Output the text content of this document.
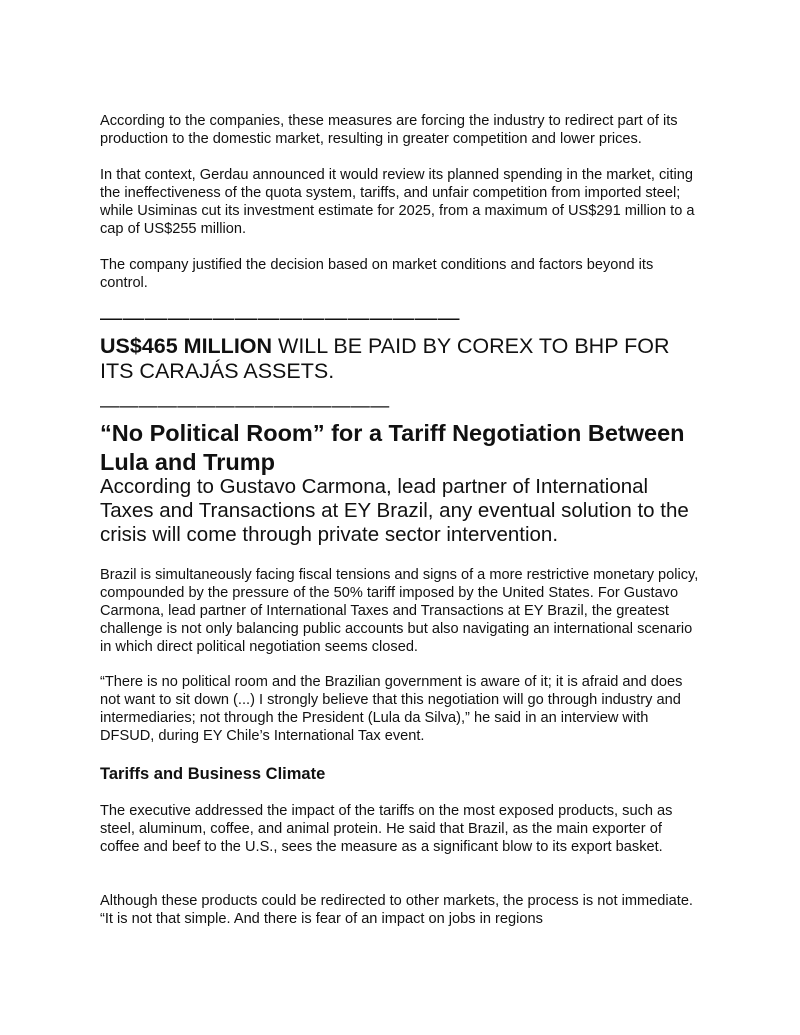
According to the companies, these measures are forcing the industry to redirect part of its production to the domestic market, resulting in greater competition and lower prices.

In that context, Gerdau announced it would review its planned spending in the market, citing the ineffectiveness of the quota system, tariffs, and unfair competition from imported steel; while Usiminas cut its investment estimate for 2025, from a maximum of US$291 million to a cap of US$255 million.

The company justified the decision based on market conditions and factors beyond its control.

————————————————

US$465 MILLION WILL BE PAID BY COREX TO BHP FOR ITS CARAJÁS ASSETS.

———————————————
“No Political Room” for a Tariff Negotiation Between Lula and Trump
According to Gustavo Carmona, lead partner of International Taxes and Transactions at EY Brazil, any eventual solution to the crisis will come through private sector intervention.

Brazil is simultaneously facing fiscal tensions and signs of a more restrictive monetary policy, compounded by the pressure of the 50% tariff imposed by the United States. For Gustavo Carmona, lead partner of International Taxes and Transactions at EY Brazil, the greatest challenge is not only balancing public accounts but also navigating an international scenario in which direct political negotiation seems closed.

“There is no political room and the Brazilian government is aware of it; it is afraid and does not want to sit down (...) I strongly believe that this negotiation will go through industry and intermediaries; not through the President (Lula da Silva),” he said in an interview with DFSUD, during EY Chile’s International Tax event.

Tariffs and Business Climate

The executive addressed the impact of the tariffs on the most exposed products, such as steel, aluminum, coffee, and animal protein. He said that Brazil, as the main exporter of coffee and beef to the U.S., sees the measure as a significant blow to its export basket.

Although these products could be redirected to other markets, the process is not immediate. “It is not that simple. And there is fear of an impact on jobs in regions
